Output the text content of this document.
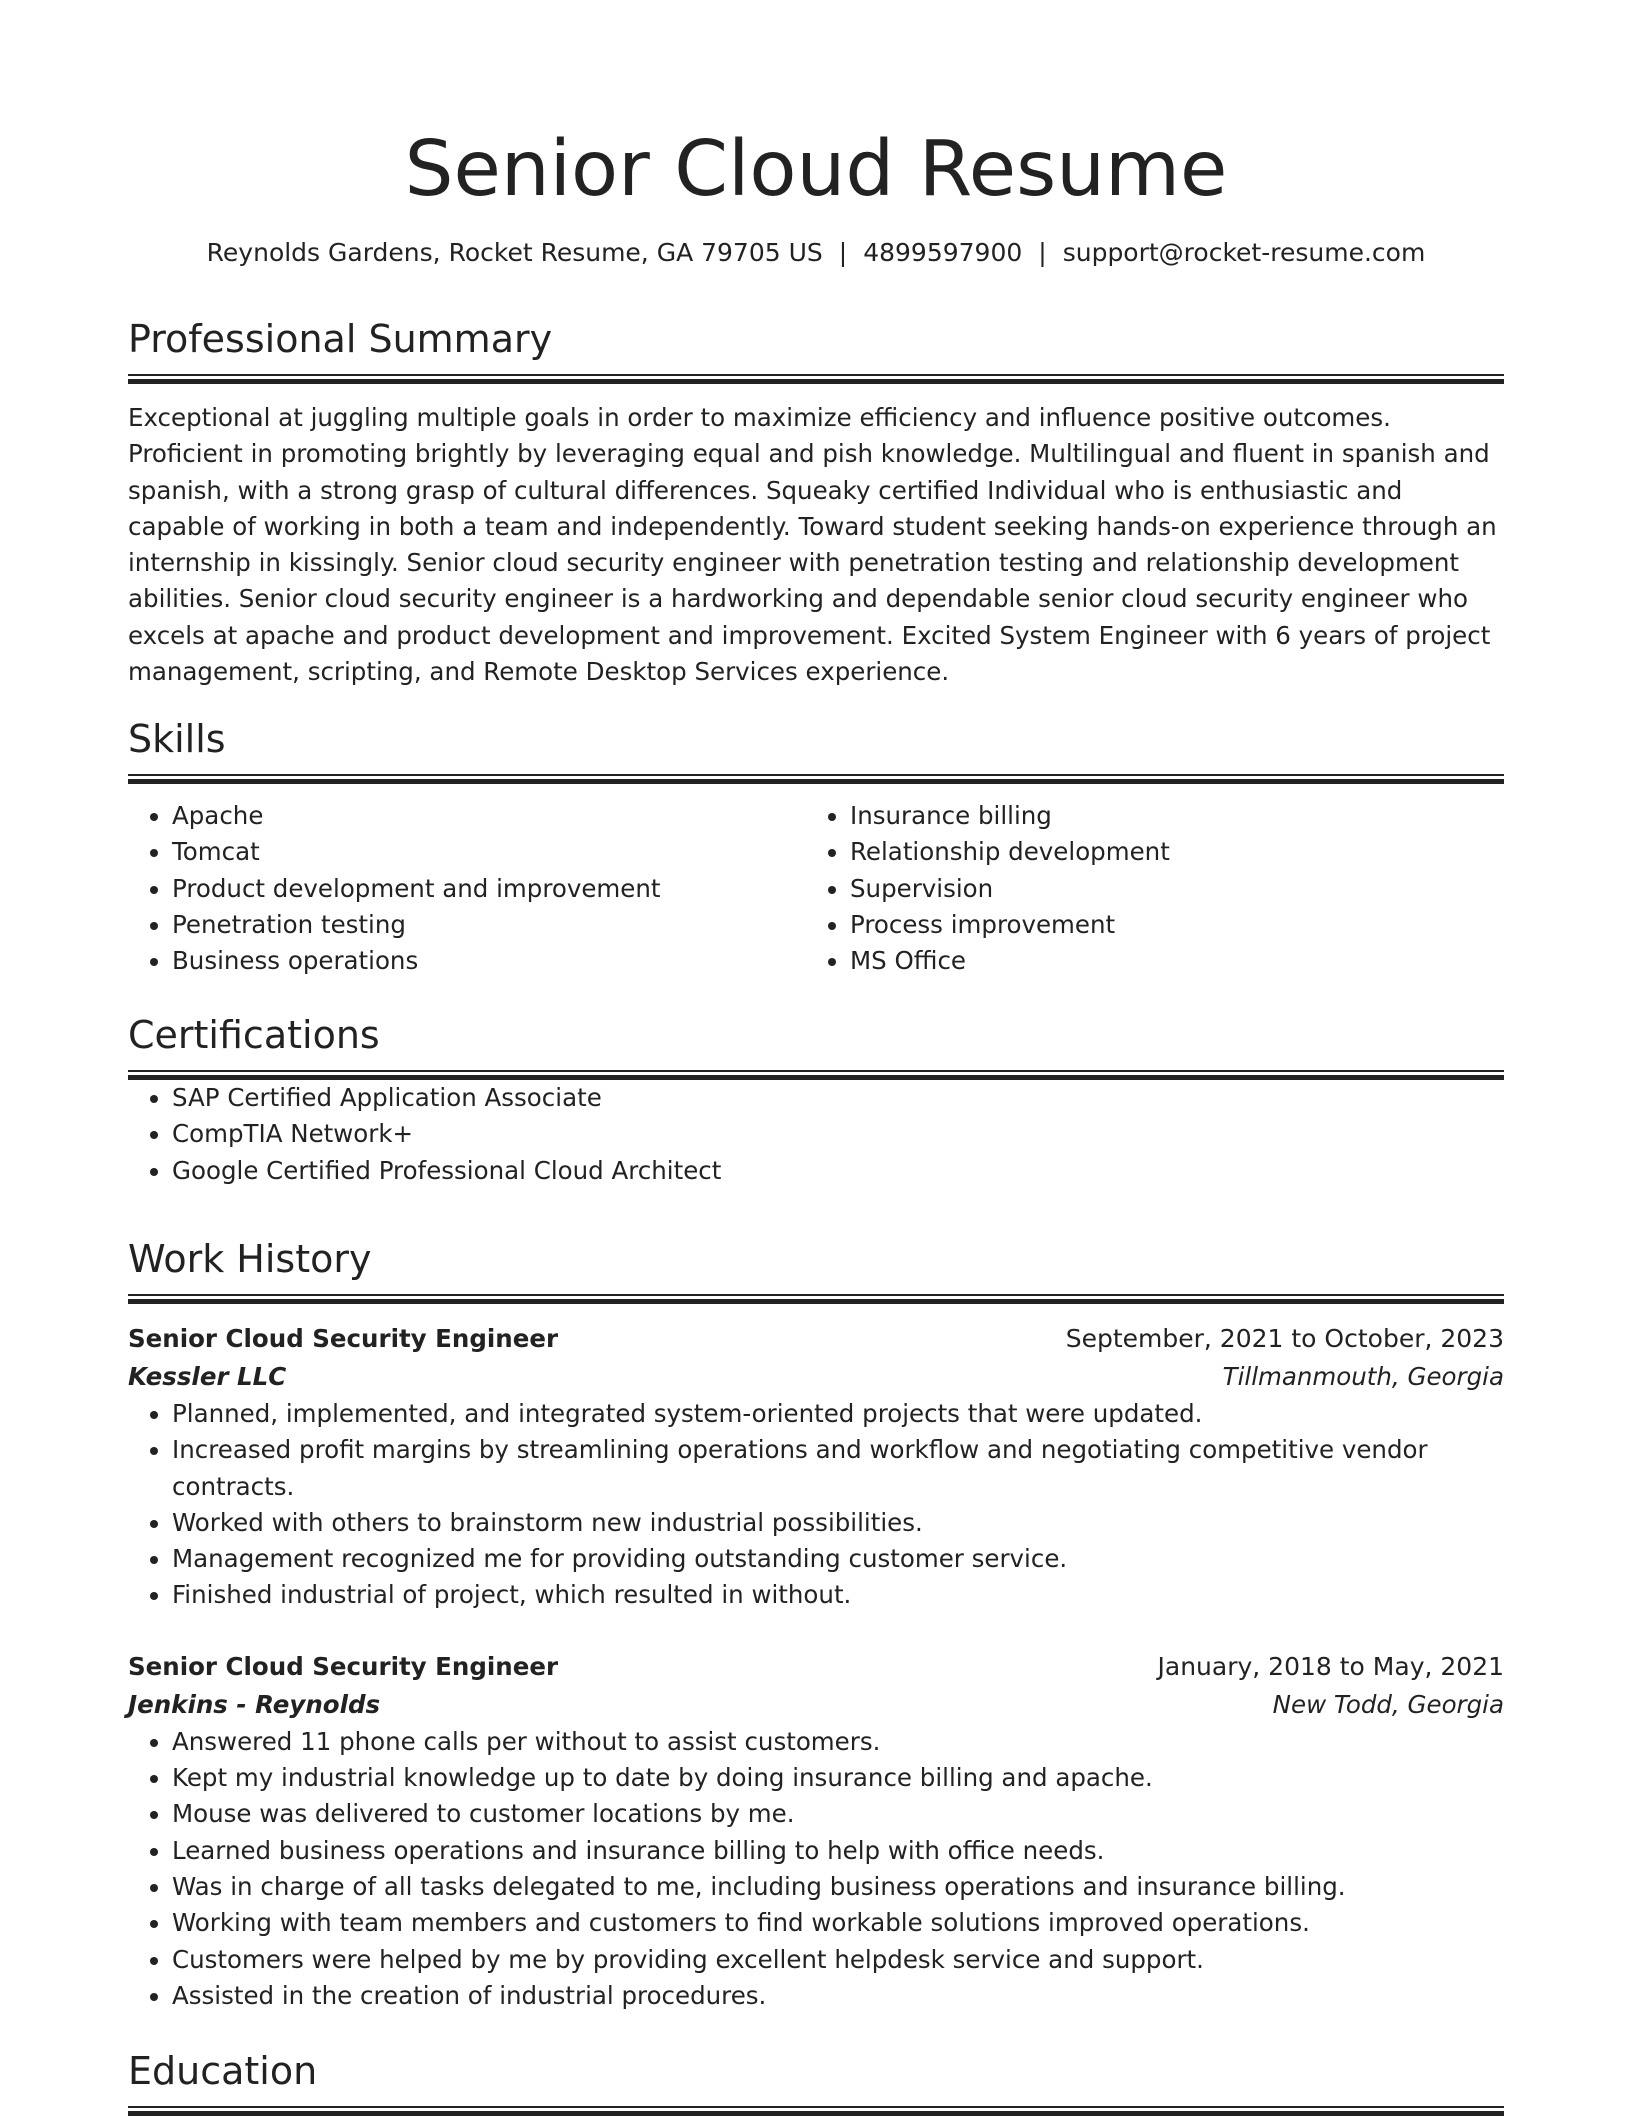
Senior Cloud Resume
Reynolds Gardens, Rocket Resume, GA 79705 US | 4899597900 | support@rocket-resume.com
Professional Summary
Exceptional at juggling multiple goals in order to maximize efficiency and influence positive outcomes. Proficient in promoting brightly by leveraging equal and pish knowledge. Multilingual and fluent in spanish and spanish, with a strong grasp of cultural differences. Squeaky certified Individual who is enthusiastic and capable of working in both a team and independently. Toward student seeking hands-on experience through an internship in kissingly. Senior cloud security engineer with penetration testing and relationship development abilities. Senior cloud security engineer is a hardworking and dependable senior cloud security engineer who excels at apache and product development and improvement. Excited System Engineer with 6 years of project management, scripting, and Remote Desktop Services experience.
Skills
• Apache
• Tomcat
• Product development and improvement
• Penetration testing
• Business operations
• Insurance billing
• Relationship development
• Supervision
• Process improvement
• MS Office
Certifications
• SAP Certified Application Associate
• CompTIA Network+
• Google Certified Professional Cloud Architect
Work History
Senior Cloud Security Engineer	September, 2021 to October, 2023
Kessler LLC	Tillmanmouth, Georgia
• Planned, implemented, and integrated system-oriented projects that were updated.
• Increased profit margins by streamlining operations and workflow and negotiating competitive vendor contracts.
• Worked with others to brainstorm new industrial possibilities.
• Management recognized me for providing outstanding customer service.
• Finished industrial of project, which resulted in without.
Senior Cloud Security Engineer	January, 2018 to May, 2021
Jenkins - Reynolds	New Todd, Georgia
• Answered 11 phone calls per without to assist customers.
• Kept my industrial knowledge up to date by doing insurance billing and apache.
• Mouse was delivered to customer locations by me.
• Learned business operations and insurance billing to help with office needs.
• Was in charge of all tasks delegated to me, including business operations and insurance billing.
• Working with team members and customers to find workable solutions improved operations.
• Customers were helped by me by providing excellent helpdesk service and support.
• Assisted in the creation of industrial procedures.
Education
